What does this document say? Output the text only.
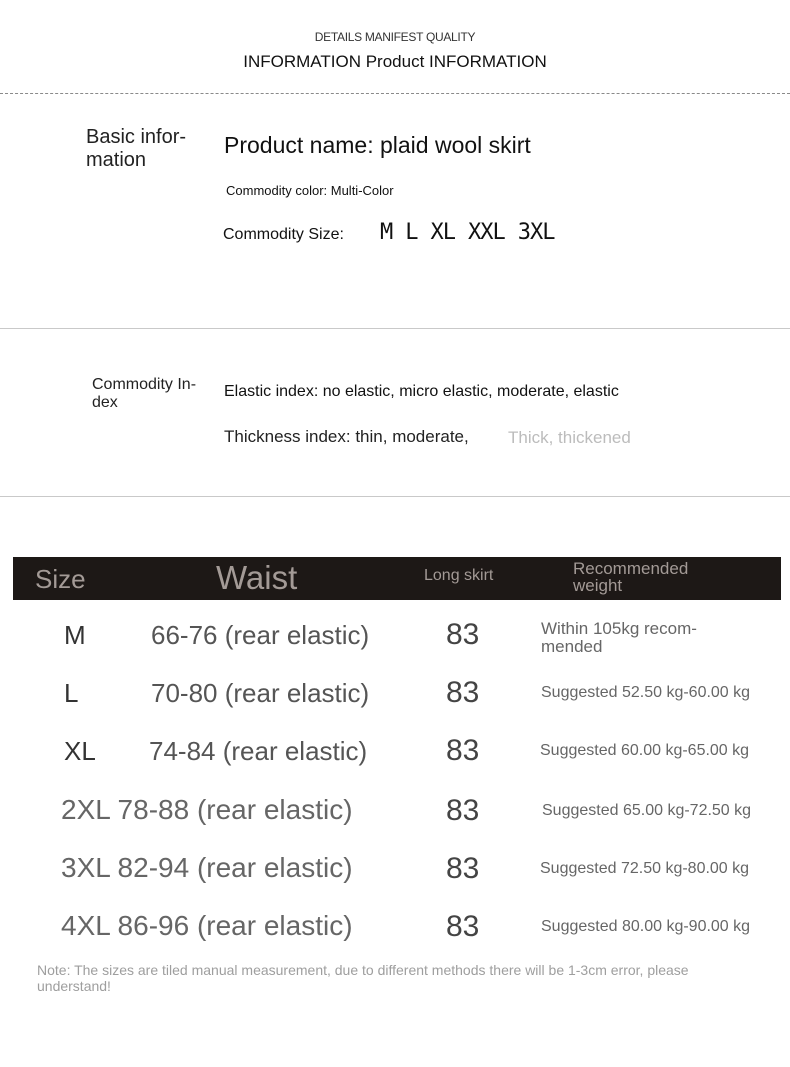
DETAILS MANIFEST QUALITY
INFORMATION Product INFORMATION
Basic infor-mation
Product name: plaid wool skirt
Commodity color: Multi-Color
Commodity Size: M L XL XXL 3XL
Commodity In-dex
Elastic index: no elastic, micro elastic, moderate, elastic
Thickness index: thin, moderate, Thick, thickened
Size	Waist	Long skirt	Recommended weight
M	66-76 (rear elastic)	83	Within 105kg recom-mended
L	70-80 (rear elastic)	83	Suggested 52.50 kg-60.00 kg
XL 74-84 (rear elastic)	83	Suggested 60.00 kg-65.00 kg
2XL 78-88 (rear elastic)	83	Suggested 65.00 kg-72.50 kg
3XL 82-94 (rear elastic)	83	Suggested 72.50 kg-80.00 kg
4XL 86-96 (rear elastic)	83	Suggested 80.00 kg-90.00 kg
Note: The sizes are tiled manual measurement, due to different methods there will be 1-3cm error, please understand!
